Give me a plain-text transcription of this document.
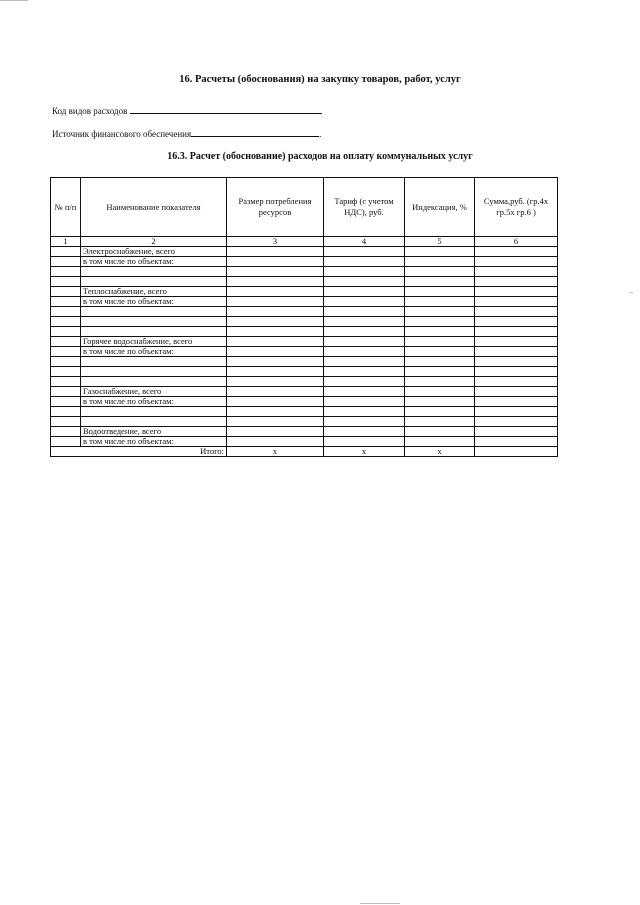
16. Расчеты (обоснования) на закупку товаров, работ, услуг
Код видов расходов
Источник финансового обеспечения	.
16.3. Расчет (обоснование) расходов на оплату коммунальных услуг
№ п/п	Наименование показателя	Размер потребления ресурсов	Тариф (с учетом НДС), руб.	Индексация, %	Сумма,руб. (гр.4х гр.5х гр.6 )
1	2	3	4	5	6
	Электроснабжение, всего				
	в том числе по объектам:				

	Теплоснабжение, всего				
	в том числе по объектам:				

	Горячее водоснабжение, всего				
	в том числе по объектам:				

	Газоснабжение, всего				
	в том числе по объектам:				

	Водоотведение, всего				
	в том числе по объектам:				
Итого:		х	х	х	
